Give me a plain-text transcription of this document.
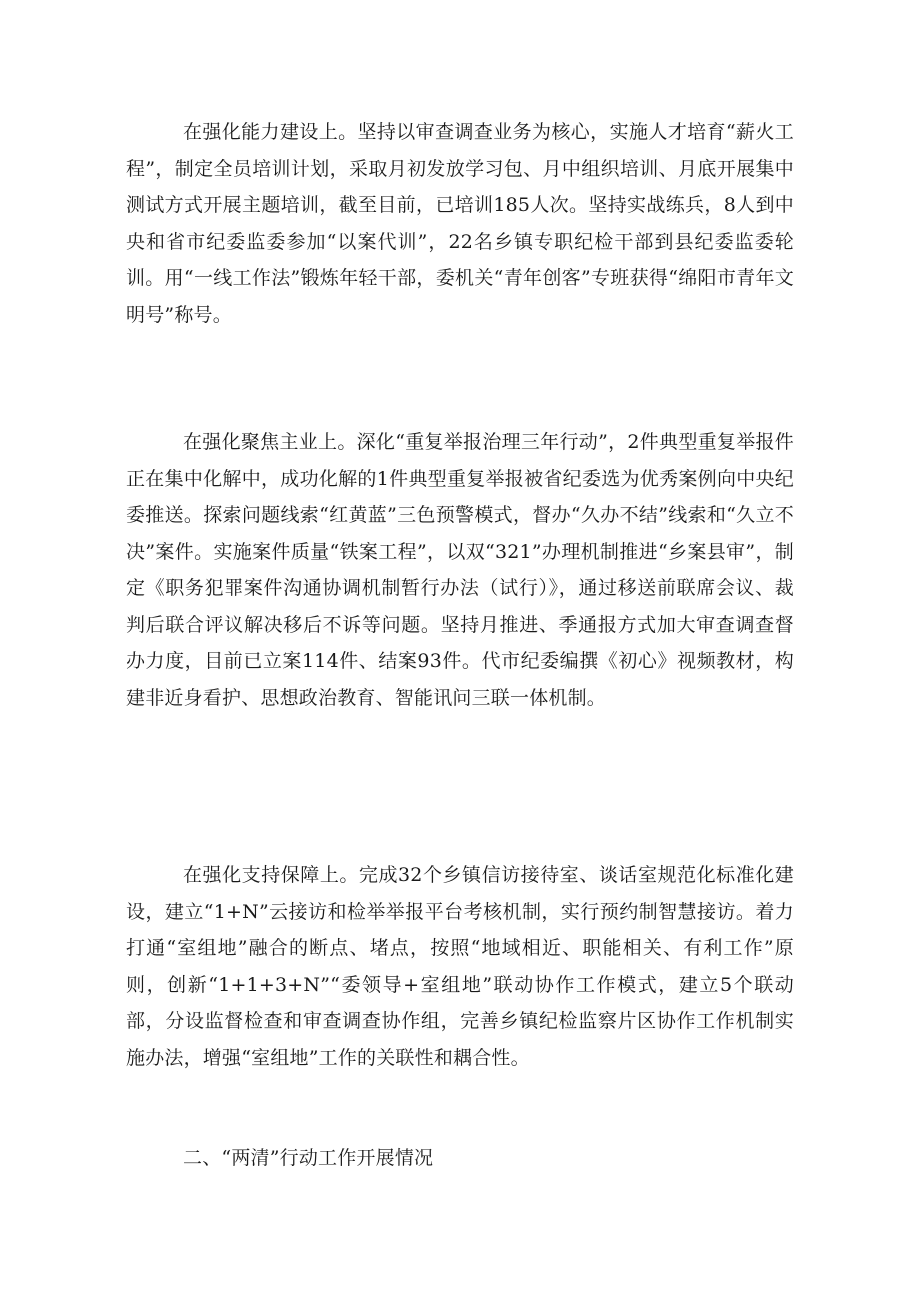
在强化能力建设上。坚持以审查调查业务为核心，实施人才培育“薪火工程”，制定全员培训计划，采取月初发放学习包、月中组织培训、月底开展集中测试方式开展主题培训，截至目前，已培训185人次。坚持实战练兵，8人到中央和省市纪委监委参加“以案代训”，22名乡镇专职纪检干部到县纪委监委轮训。用“一线工作法”锻炼年轻干部，委机关“青年创客”专班获得“绵阳市青年文明号”称号。

在强化聚焦主业上。深化“重复举报治理三年行动”，2件典型重复举报件正在集中化解中，成功化解的1件典型重复举报被省纪委选为优秀案例向中央纪委推送。探索问题线索“红黄蓝”三色预警模式，督办“久办不结”线索和“久立不决”案件。实施案件质量“铁案工程”，以双“321”办理机制推进“乡案县审”，制定《职务犯罪案件沟通协调机制暂行办法（试行）》，通过移送前联席会议、裁判后联合评议解决移后不诉等问题。坚持月推进、季通报方式加大审查调查督办力度，目前已立案114件、结案93件。代市纪委编撰《初心》视频教材，构建非近身看护、思想政治教育、智能讯问三联一体机制。

在强化支持保障上。完成32个乡镇信访接待室、谈话室规范化标准化建设，建立“1+N”云接访和检举举报平台考核机制，实行预约制智慧接访。着力打通“室组地”融合的断点、堵点，按照“地域相近、职能相关、有利工作”原则，创新“1+1+3+N”“委领导+室组地”联动协作工作模式，建立5个联动部，分设监督检查和审查调查协作组，完善乡镇纪检监察片区协作工作机制实施办法，增强“室组地”工作的关联性和耦合性。

二、“两清”行动工作开展情况
